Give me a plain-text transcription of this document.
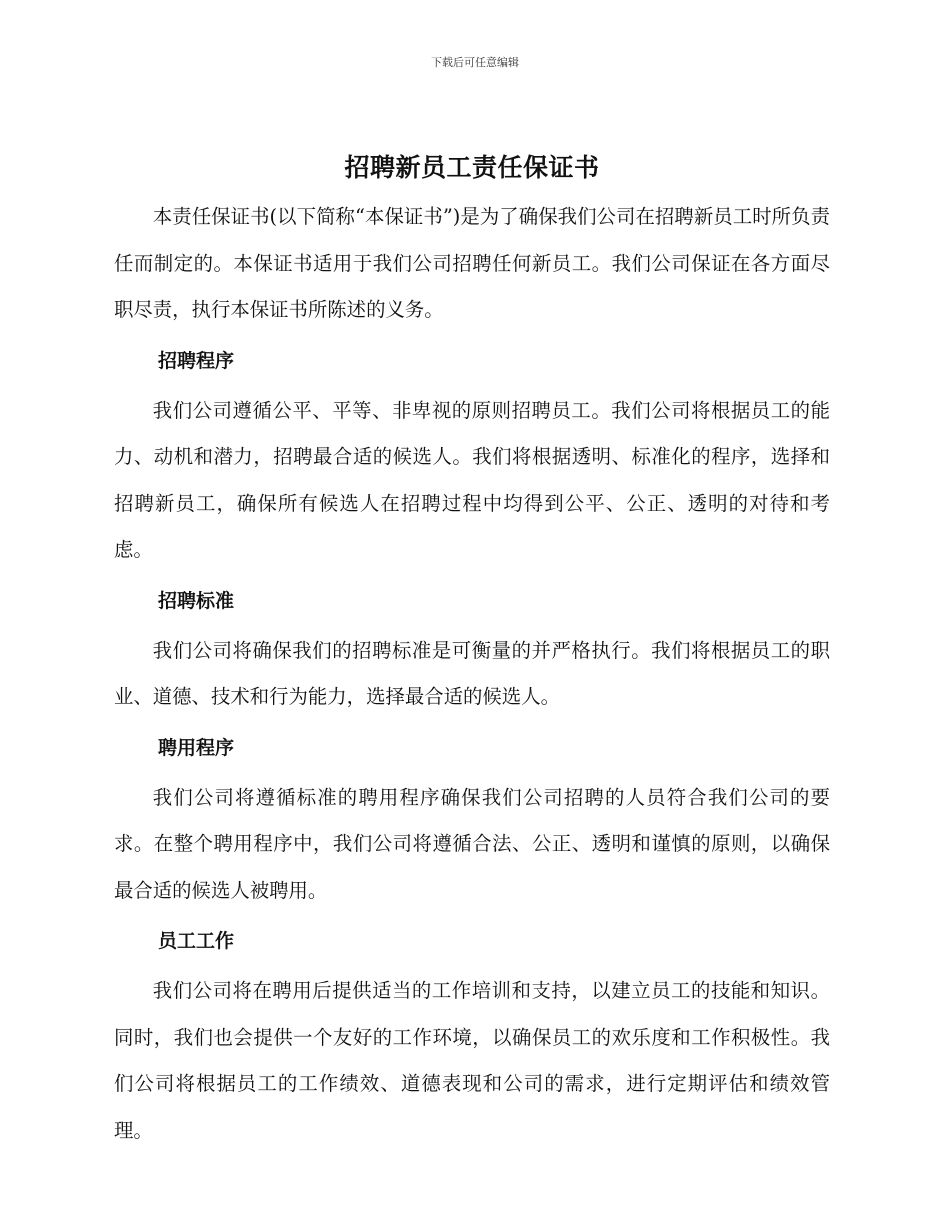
下载后可任意编辑
招聘新员工责任保证书

本责任保证书(以下简称“本保证书”)是为了确保我们公司在招聘新员工时所负责任而制定的。本保证书适用于我们公司招聘任何新员工。我们公司保证在各方面尽职尽责，执行本保证书所陈述的义务。

招聘程序

我们公司遵循公平、平等、非卑视的原则招聘员工。我们公司将根据员工的能力、动机和潜力，招聘最合适的候选人。我们将根据透明、标准化的程序，选择和招聘新员工，确保所有候选人在招聘过程中均得到公平、公正、透明的对待和考虑。

招聘标准

我们公司将确保我们的招聘标准是可衡量的并严格执行。我们将根据员工的职业、道德、技术和行为能力，选择最合适的候选人。

聘用程序

我们公司将遵循标准的聘用程序确保我们公司招聘的人员符合我们公司的要求。在整个聘用程序中，我们公司将遵循合法、公正、透明和谨慎的原则，以确保最合适的候选人被聘用。

员工工作

我们公司将在聘用后提供适当的工作培训和支持，以建立员工的技能和知识。同时，我们也会提供一个友好的工作环境，以确保员工的欢乐度和工作积极性。我们公司将根据员工的工作绩效、道德表现和公司的需求，进行定期评估和绩效管理。
